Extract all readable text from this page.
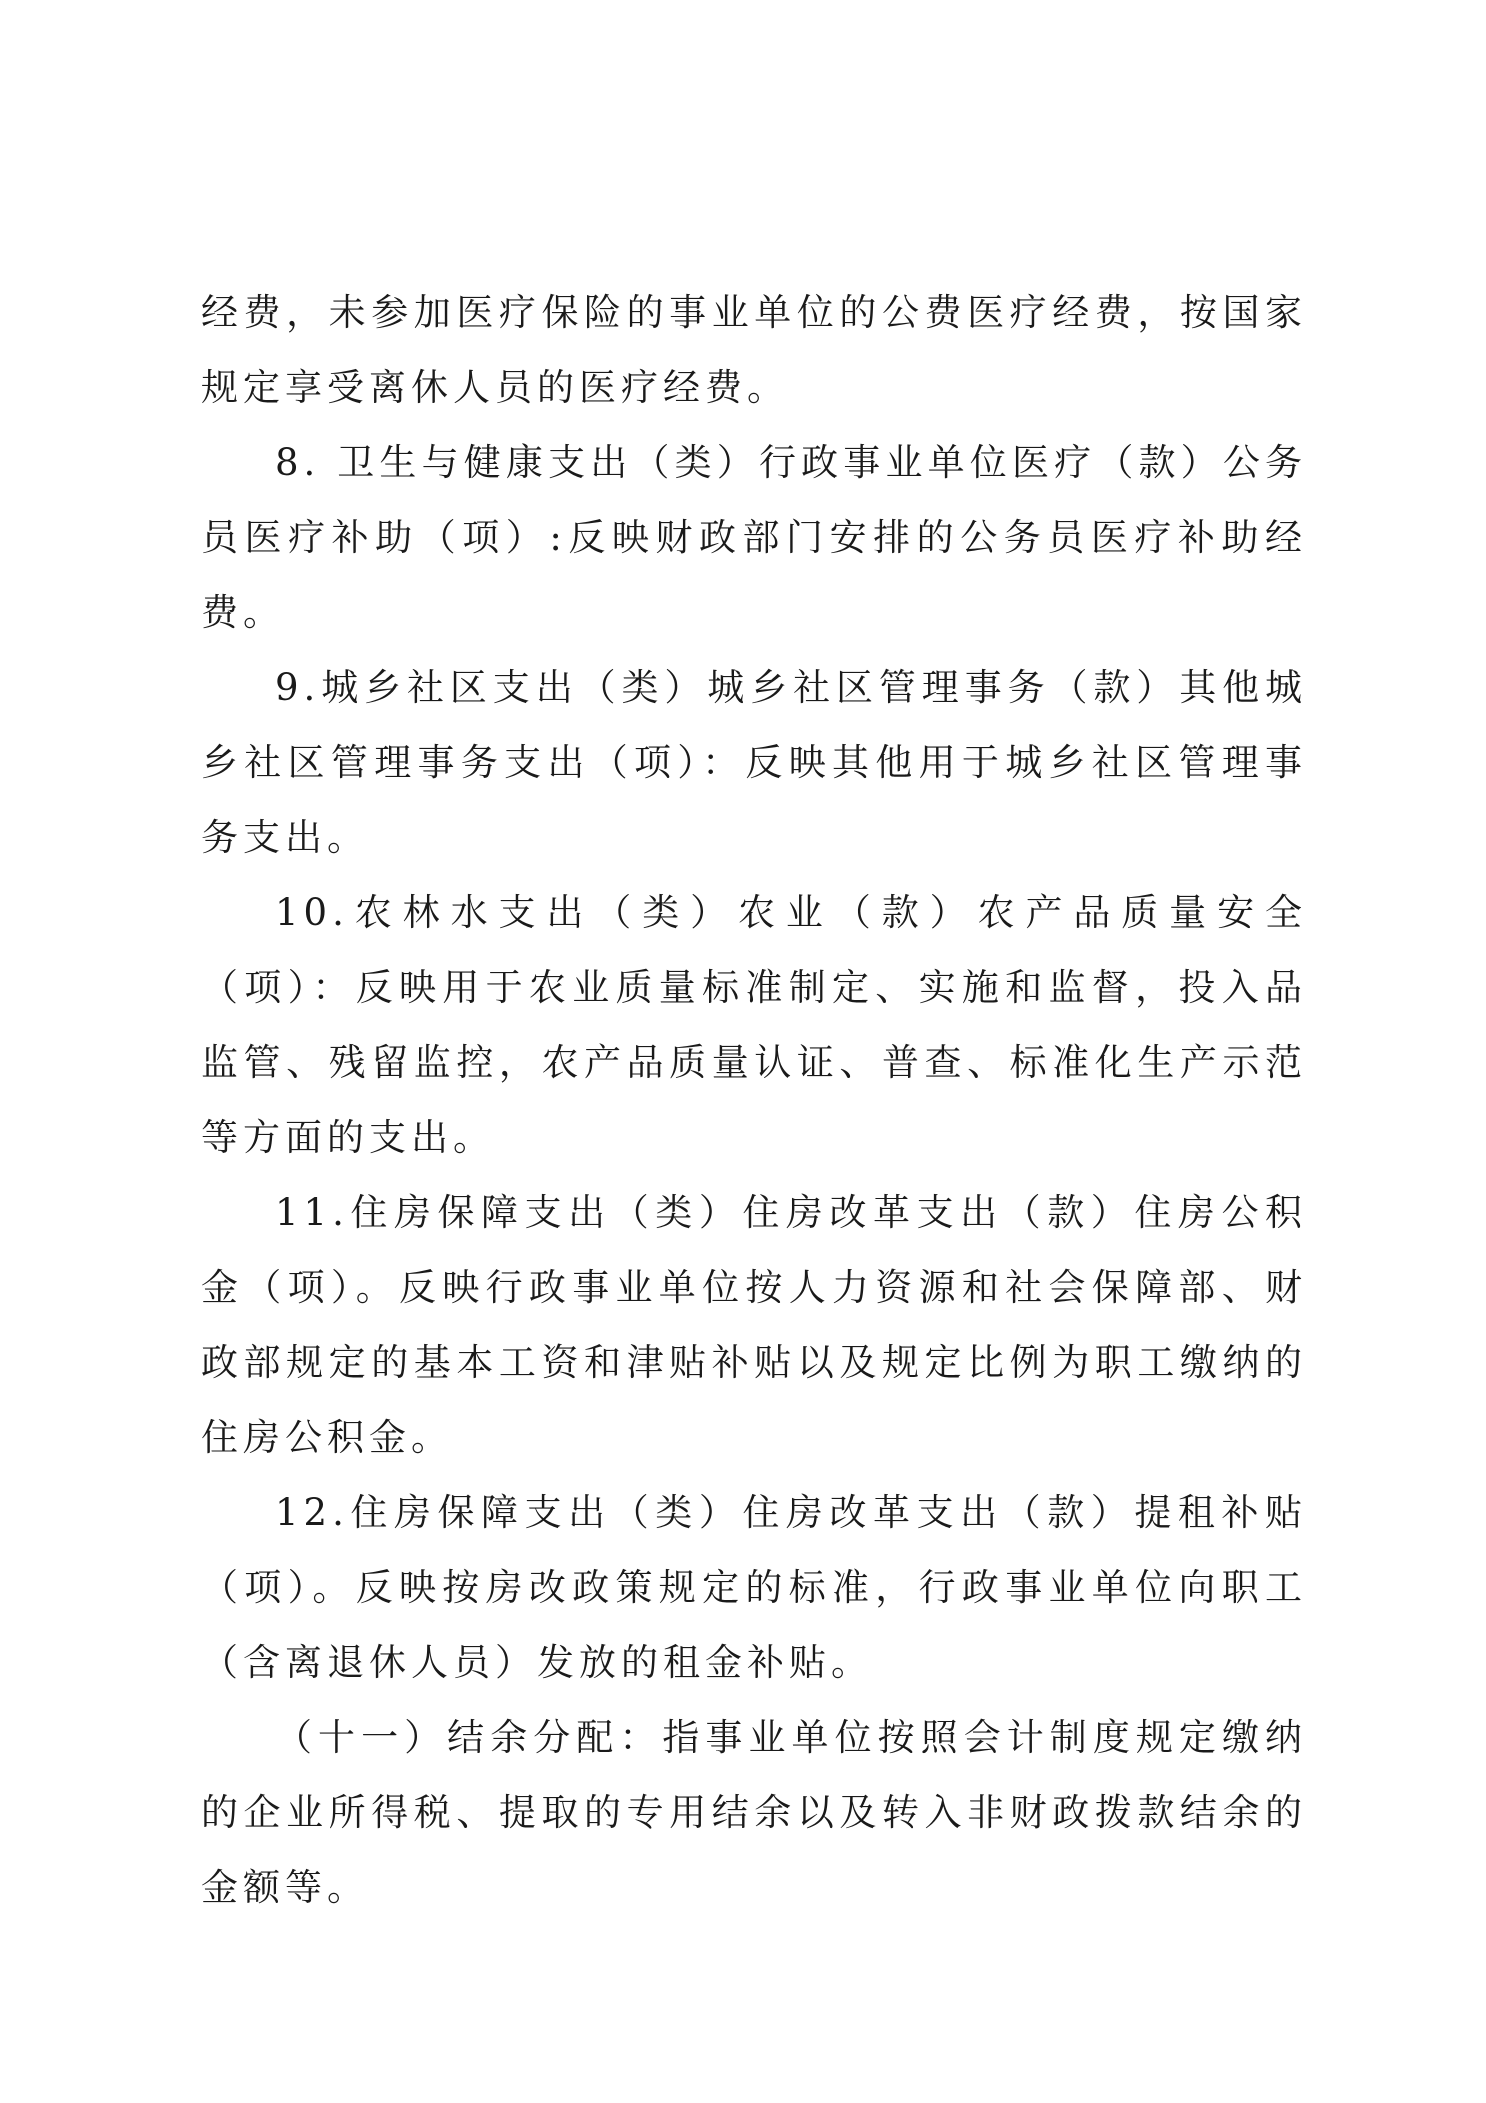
经费，未参加医疗保险的事业单位的公费医疗经费，按国家规定享受离休人员的医疗经费。

8. 卫生与健康支出（类）行政事业单位医疗（款）公务员医疗补助（项）:反映财政部门安排的公务员医疗补助经费。

9.城乡社区支出（类）城乡社区管理事务（款）其他城乡社区管理事务支出（项）：反映其他用于城乡社区管理事务支出。

10.农林水支出（类）农业（款）农产品质量安全（项）：反映用于农业质量标准制定、实施和监督，投入品监管、残留监控，农产品质量认证、普查、标准化生产示范等方面的支出。

11.住房保障支出（类）住房改革支出（款）住房公积金（项）。反映行政事业单位按人力资源和社会保障部、财政部规定的基本工资和津贴补贴以及规定比例为职工缴纳的住房公积金。

12.住房保障支出（类）住房改革支出（款）提租补贴（项）。反映按房改政策规定的标准，行政事业单位向职工（含离退休人员）发放的租金补贴。

（十一）结余分配：指事业单位按照会计制度规定缴纳的企业所得税、提取的专用结余以及转入非财政拨款结余的金额等。
